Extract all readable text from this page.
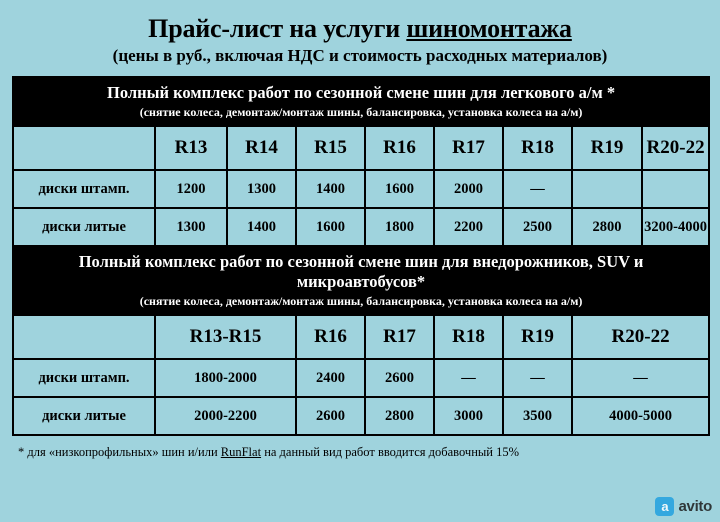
Прайс-лист на услуги шиномонтажа
(цены в руб., включая НДС и стоимость расходных материалов)
Полный комплекс работ по сезонной смене шин для легкового а/м *
(снятие колеса, демонтаж/монтаж шины, балансировка, установка колеса на а/м)								

	R13	R14	R15	R16	R17	R18	R19	R20-22
диски штамп.	1200	1300	1400	1600	2000	—		
диски литые	1300	1400	1600	1800	2200	2500	2800	3200-4000

Полный комплекс работ по сезонной смене шин для внедорожников, SUV и микроавтобусов*
(снятие колеса, демонтаж/монтаж шины, балансировка, установка колеса на а/м)								

	R13-R15		R16	R17	R18	R19	R20-22	
диски штамп.	1800-2000		2400	2600	—	—	—	
диски литые	2000-2200		2600	2800	3000	3500	4000-5000	
* для «низкопрофильных» шин и/или RunFlat на данный вид работ вводится добавочный 15%
a avito
